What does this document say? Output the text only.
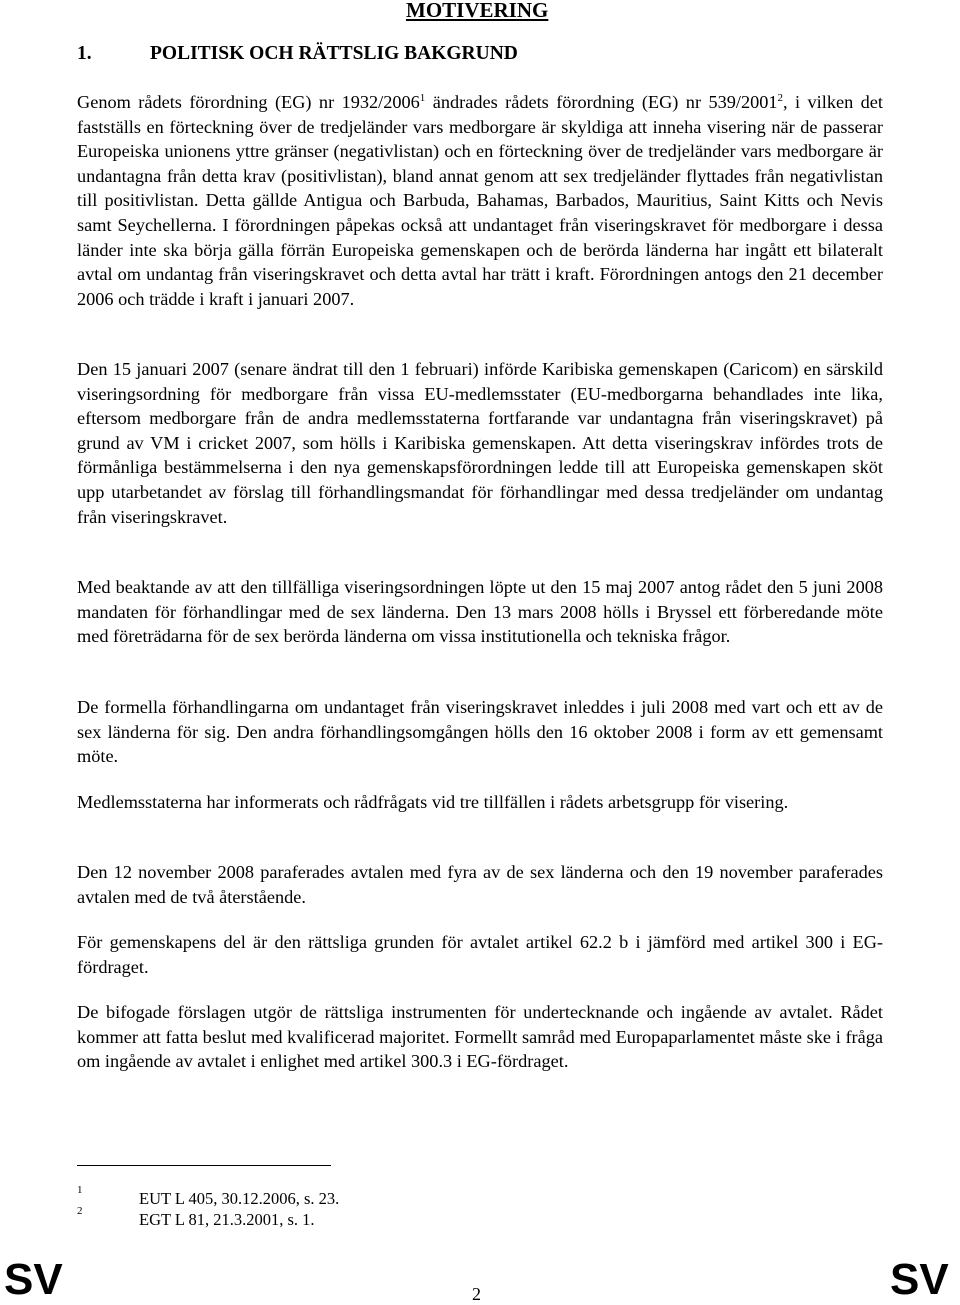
MOTIVERING
1.	POLITISK OCH RÄTTSLIG BAKGRUND

Genom rådets förordning (EG) nr 1932/2006$^1$ ändrades rådets förordning (EG) nr 539/2001$^2$, i vilken det fastställs en förteckning över de tredjeländer vars medborgare är skyldiga att inneha visering när de passerar Europeiska unionens yttre gränser (negativlistan) och en förteckning över de tredjeländer vars medborgare är undantagna från detta krav (positivlistan), bland annat genom att sex tredjeländer flyttades från negativlistan till positivlistan. Detta gällde Antigua och Barbuda, Bahamas, Barbados, Mauritius, Saint Kitts och Nevis samt Seychellerna. I förordningen påpekas också att undantaget från viseringskravet för medborgare i dessa länder inte ska börja gälla förrän Europeiska gemenskapen och de berörda länderna har ingått ett bilateralt avtal om undantag från viseringskravet och detta avtal har trätt i kraft. Förordningen antogs den 21 december 2006 och trädde i kraft i januari 2007.

Den 15 januari 2007 (senare ändrat till den 1 februari) införde Karibiska gemenskapen (Caricom) en särskild viseringsordning för medborgare från vissa EU-medlemsstater (EU-medborgarna behandlades inte lika, eftersom medborgare från de andra medlemsstaterna fortfarande var undantagna från viseringskravet) på grund av VM i cricket 2007, som hölls i Karibiska gemenskapen. Att detta viseringskrav infördes trots de förmånliga bestämmelserna i den nya gemenskapsförordningen ledde till att Europeiska gemenskapen sköt upp utarbetandet av förslag till förhandlingsmandat för förhandlingar med dessa tredjeländer om undantag från viseringskravet.

Med beaktande av att den tillfälliga viseringsordningen löpte ut den 15 maj 2007 antog rådet den 5 juni 2008 mandaten för förhandlingar med de sex länderna. Den 13 mars 2008 hölls i Bryssel ett förberedande möte med företrädarna för de sex berörda länderna om vissa institutionella och tekniska frågor.

De formella förhandlingarna om undantaget från viseringskravet inleddes i juli 2008 med vart och ett av de sex länderna för sig. Den andra förhandlingsomgången hölls den 16 oktober 2008 i form av ett gemensamt möte.

Medlemsstaterna har informerats och rådfrågats vid tre tillfällen i rådets arbetsgrupp för visering.

Den 12 november 2008 paraferades avtalen med fyra av de sex länderna och den 19 november paraferades avtalen med de två återstående.

För gemenskapens del är den rättsliga grunden för avtalet artikel 62.2 b i jämförd med artikel 300 i EG-fördraget.

De bifogade förslagen utgör de rättsliga instrumenten för undertecknande och ingående av avtalet. Rådet kommer att fatta beslut med kvalificerad majoritet. Formellt samråd med Europaparlamentet måste ske i fråga om ingående av avtalet i enlighet med artikel 300.3 i EG-fördraget.

1	EUT L 405, 30.12.2006, s. 23.
2	EGT L 81, 21.3.2001, s. 1.
SV	2	SV
